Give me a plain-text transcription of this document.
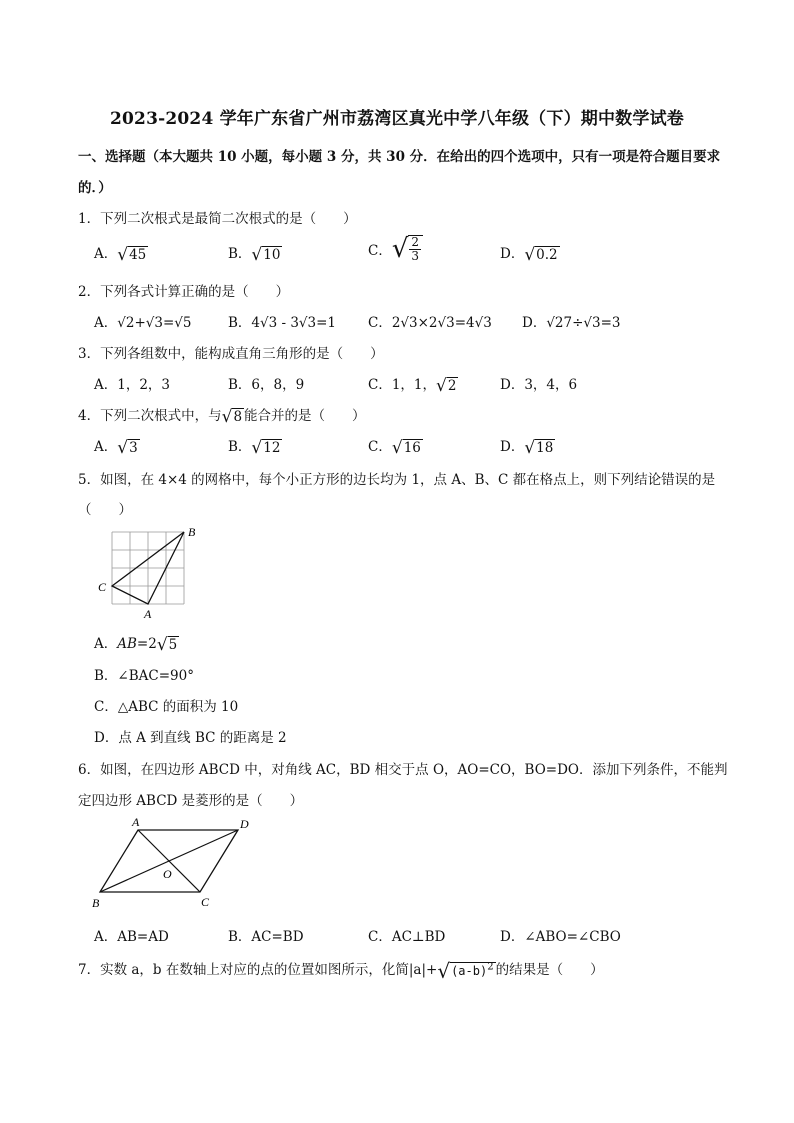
2023-2024 学年广东省广州市荔湾区真光中学八年级（下）期中数学试卷
一、选择题（本大题共 10 小题，每小题 3 分，共 30 分．在给出的四个选项中，只有一项是符合题目要求
的．）
1．下列二次根式是最简二次根式的是（　　）
A．√45	B．√10	C．√ $\frac{2}{3}$	D．√0.2
2．下列各式计算正确的是（　　）
A．√2+√3=√5	B．4√3 - 3√3=1 C．2√3×2√3=4√3 D．√27÷√3=3
3．下列各组数中，能构成直角三角形的是（　　）
A．1，2，3	B．6，8，9	C．1，1，√2	D．3，4，6
4．下列二次根式中，与√8 能合并的是（　　）
A．√3	B．√12	C．√16	D．√18
5．如图，在 4×4 的网格中，每个小正方形的边长均为 1，点 A、B、C 都在格点上，则下列结论错误的是
（　　）
B
C
A
A．AB=2√5
B．∠BAC=90°
C．△ABC 的面积为 10
D．点 A 到直线 BC 的距离是 2
6．如图，在四边形 ABCD 中，对角线 AC，BD 相交于点 O，AO=CO，BO=DO．添加下列条件，不能判
定四边形 ABCD 是菱形的是（　　）
A	D
B	C
O
A．AB=AD	B．AC=BD	C．AC⊥BD	D．∠ABO=∠CBO
7．实数 a，b 在数轴上对应的点的位置如图所示，化简$|a|+√(a-b)^2$ 的结果是（　　）
